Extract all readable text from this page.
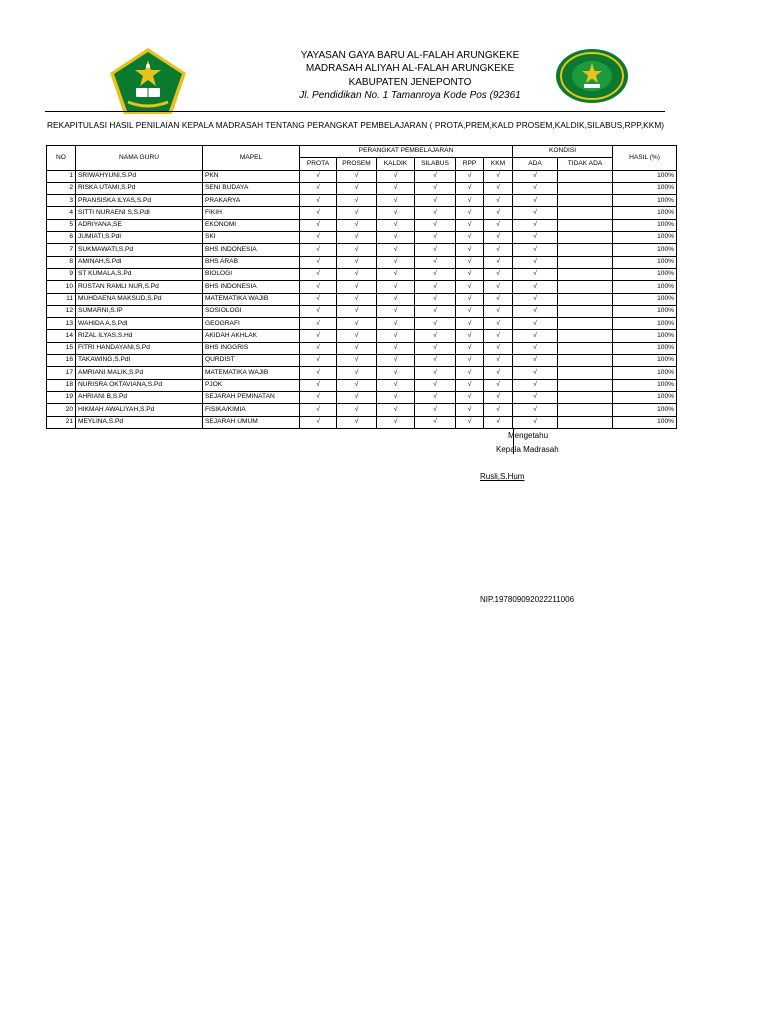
YAYASAN GAYA BARU AL-FALAH ARUNGKEKE
MADRASAH ALIYAH AL-FALAH ARUNGKEKE
KABUPATEN JENEPONTO
Jl. Pendidikan No. 1 Tamanroya Kode Pos (92361
REKAPITULASI HASIL PENILAIAN KEPALA MADRASAH TENTANG PERANGKAT PEMBELAJARAN ( PROTA,PREM,KALD PROSEM,KALDIK,SILABUS,RPP,KKM)
NO	NAMA GURU	MAPEL	PERANGKAT PEMBELAJARAN						KONDISI		HASIL (%)
			PROTA	PROSEM	KALDIK	SILABUS	RPP	KKM	ADA	TIDAK ADA	
1	SRIWAHYUNI,S.Pd	PKN	√	√	√	√	√	√	√		100%
2	RISKA UTAMI,S.Pd	SENI BUDAYA	√	√	√	√	√	√	√		100%
3	PRANSISKA ILYAS,S.Pd	PRAKARYA	√	√	√	√	√	√	√		100%
4	SITTI NURAENI S,S.PdI	FIKIH	√	√	√	√	√	√	√		100%
5	ADRIYANA,SE	EKONOMI	√	√	√	√	√	√	√		100%
6	JUMIATI,S.PdI	SKI	√	√	√	√	√	√	√		100%
7	SUKMAWATI,S.Pd	BHS INDONESIA	√	√	√	√	√	√	√		100%
8	AMINAH,S.PdI	BHS ARAB	√	√	√	√	√	√	√		100%
9	ST KUMALA,S.Pd	BIOLOGI	√	√	√	√	√	√	√		100%
10	RUSTAN RAMLI NUR,S.Pd	BHS INDONESIA	√	√	√	√	√	√	√		100%
11	MUHDAENA MAKSUD,S.Pd	MATEMATIKA WAJIB	√	√	√	√	√	√	√		100%
12	SUMARNI,S.IP	SOSIOLOGI	√	√	√	√	√	√	√		100%
13	WAHIDA A,S.PdI	GEOGRAFI	√	√	√	√	√	√	√		100%
14	RIZAL ILYAS,S.Hd	AKIDAH AKHLAK	√	√	√	√	√	√	√		100%
15	FITRI HANDAYANI,S.Pd	BHS INGGRIS	√	√	√	√	√	√	√		100%
16	TAKAWING,S.PdI	QURDIST	√	√	√	√	√	√	√		100%
17	AMRIANI MALIK,S.Pd	MATEMATIKA WAJIB	√	√	√	√	√	√	√		100%
18	NURISRA OKTAVIANA,S.Pd	PJOK	√	√	√	√	√	√	√		100%
19	AHRIANI B,S.Pd	SEJARAH PEMINATAN	√	√	√	√	√	√	√		100%
20	HIKMAH AWALIYAH,S.Pd	FISIKA/KIMIA	√	√	√	√	√	√	√		100%
21	MEYLINA,S.Pd	SEJARAH UMUM	√	√	√	√	√	√	√		100%
Mengetahu
Kepala Madrasah
Rusli,S.Hum
NIP.197809092022211006
